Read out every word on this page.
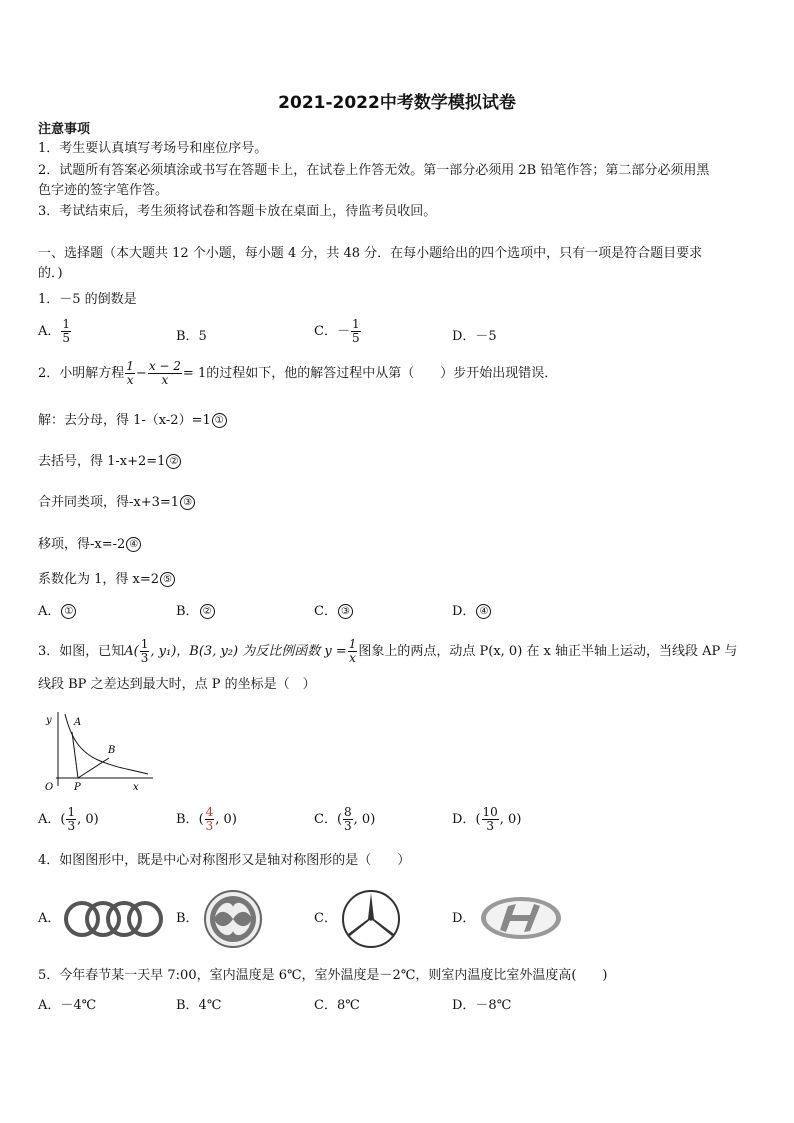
2021-2022中考数学模拟试卷
注意事项
1．考生要认真填写考场号和座位序号。
2．试题所有答案必须填涂或书写在答题卡上，在试卷上作答无效。第一部分必须用 2B 铅笔作答；第二部分必须用黑
色字迹的签字笔作答。
3．考试结束后，考生须将试卷和答题卡放在桌面上，待监考员收回。
一、选择题（本大题共 12 个小题，每小题 4 分，共 48 分．在每小题给出的四个选项中，只有一项是符合题目要求
的．)
1．－5 的倒数是
A． $\frac{1}{5}$	B．5	C．－ $\frac{1}{5}$	D．－5
2．小明解方程 $\frac{1}{x} - \frac{x - 2}{x} = 1$的过程如下，他的解答过程中从第（　　）步开始出现错误．
解：去分母，得 1-（x-2）=1 ①
去括号，得 1-x+2=1 ②
合并同类项，得-x+3=1 ③
移项，得-x=-2 ④
系数化为 1，得 x=2 ⑤
A． ①	B． ②	C． ③	D． ④
3．如图，已知$A( \frac{1}{3}$ , y₁)，B(3, y₂) 为反比例函数 $y = \frac{1}{x}$ 图象上的两点，动点 P(x, 0) 在 x 轴正半轴上运动，当线段 AP 与
线段 BP 之差达到最大时，点 P 的坐标是（　）
y A
B
O P	x
A．( $\frac{1}{3}$ , 0)	B．( $\frac{4}{3}$ , 0)	C．( $\frac{8}{3}$ , 0)	D．( $\frac{10}{3}$ , 0)
4．如图图形中，既是中心对称图形又是轴对称图形的是（　　）
A．	B．	C．	D．
5．今年春节某一天早 7:00，室内温度是 6℃，室外温度是－2℃，则室内温度比室外温度高(　　)
A．－4℃	B．4℃	C．8℃	D．－8℃
